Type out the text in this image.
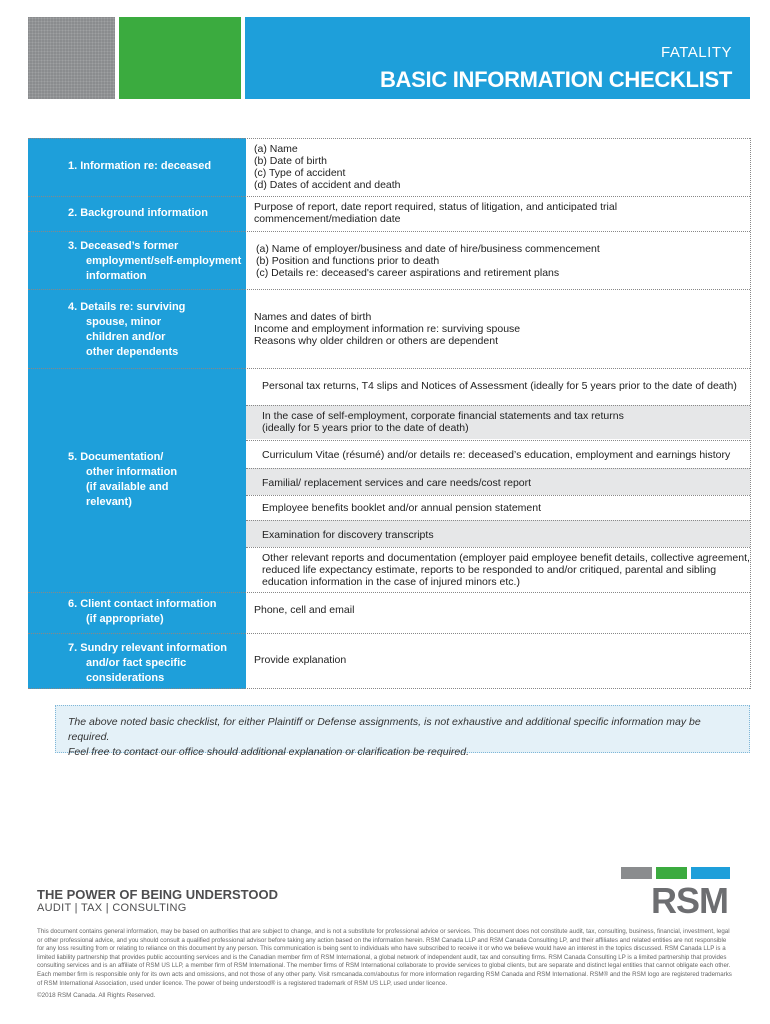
FATALITY
BASIC INFORMATION CHECKLIST
1. Information re: deceased
(a) Name
(b) Date of birth
(c) Type of accident
(d) Dates of accident and death
2. Background information	Purpose of report, date report required, status of litigation, and anticipated trial
commencement/mediation date
3. Deceased’s former
employment/self-employment
information
(a) Name of employer/business and date of hire/business commencement
(b) Position and functions prior to death
(c) Details re: deceased's career aspirations and retirement plans
4. Details re: surviving
spouse, minor
children and/or
other dependents
Names and dates of birth
Income and employment information re: surviving spouse
Reasons why older children or others are dependent
5. Documentation/
other information
(if available and
relevant)
Personal tax returns, T4 slips and Notices of Assessment (ideally for 5 years prior to the date of death)
In the case of self-employment, corporate financial statements and tax returns
(ideally for 5 years prior to the date of death)
Curriculum Vitae (résumé) and/or details re: deceased’s education, employment and earnings history
Familial/ replacement services and care needs/cost report
Employee benefits booklet and/or annual pension statement
Examination for discovery transcripts
Other relevant reports and documentation (employer paid employee benefit details, collective agreement,
reduced life expectancy estimate, reports to be responded to and/or critiqued, parental and sibling
education information in the case of injured minors etc.)
6. Client contact information
(if appropriate)
Phone, cell and email
7. Sundry relevant information
and/or fact specific
considerations
Provide explanation
The above noted basic checklist, for either Plaintiff or Defense assignments, is not exhaustive and additional specific information may be required.
Feel free to contact our office should additional explanation or clarification be required.
RSM
THE POWER OF BEING UNDERSTOOD
AUDIT | TAX | CONSULTING
This document contains general information, may be based on authorities that are subject to change, and is not a substitute for professional advice or services. This document does not constitute audit, tax, consulting, business, financial, investment, legal or other professional advice, and you should consult a qualified professional advisor before taking any action based on the information herein. RSM Canada LLP and RSM Canada Consulting LP, and their affiliates and related entities are not responsible for any loss resulting from or relating to reliance on this document by any person. This communication is being sent to individuals who have subscribed to receive it or who we believe would have an interest in the topics discussed. RSM Canada LLP is a limited liability partnership that provides public accounting services and is the Canadian member firm of RSM International, a global network of independent audit, tax and consulting firms. RSM Canada Consulting LP is a limited partnership that provides consulting services and is an affiliate of RSM US LLP, a member firm of RSM International. The member firms of RSM International collaborate to provide services to global clients, but are separate and distinct legal entities that cannot obligate each other. Each member firm is responsible only for its own acts and omissions, and not those of any other party. Visit rsmcanada.com/aboutus for more information regarding RSM Canada and RSM International. RSM® and the RSM logo are registered trademarks of RSM International Association, used under licence. The power of being understood® is a registered trademark of RSM US LLP, used under licence.
©2018 RSM Canada. All Rights Reserved.
